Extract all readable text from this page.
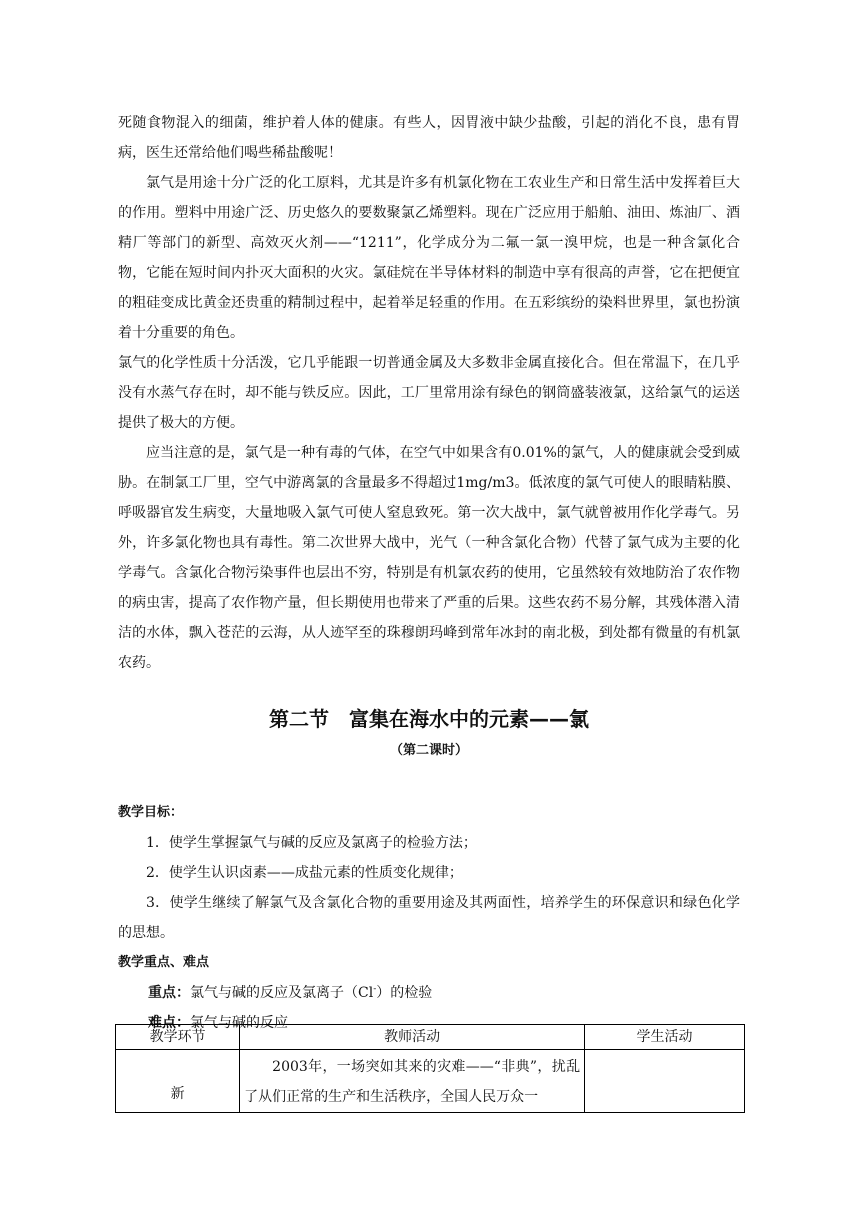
死随食物混入的细菌，维护着人体的健康。有些人，因胃液中缺少盐酸，引起的消化不良，患有胃病，医生还常给他们喝些稀盐酸呢！

氯气是用途十分广泛的化工原料，尤其是许多有机氯化物在工农业生产和日常生活中发挥着巨大的作用。塑料中用途广泛、历史悠久的要数聚氯乙烯塑料。现在广泛应用于船舶、油田、炼油厂、酒精厂等部门的新型、高效灭火剂——“1211”，化学成分为二氟一氯一溴甲烷，也是一种含氯化合物，它能在短时间内扑灭大面积的火灾。氯硅烷在半导体材料的制造中享有很高的声誉，它在把便宜的粗硅变成比黄金还贵重的精制过程中，起着举足轻重的作用。在五彩缤纷的染料世界里，氯也扮演着十分重要的角色。

氯气的化学性质十分活泼，它几乎能跟一切普通金属及大多数非金属直接化合。但在常温下，在几乎没有水蒸气存在时，却不能与铁反应。因此，工厂里常用涂有绿色的钢筒盛装液氯，这给氯气的运送提供了极大的方便。

应当注意的是，氯气是一种有毒的气体，在空气中如果含有0.01%的氯气，人的健康就会受到威胁。在制氯工厂里，空气中游离氯的含量最多不得超过1mg/m3。低浓度的氯气可使人的眼睛粘膜、呼吸器官发生病变，大量地吸入氯气可使人窒息致死。第一次大战中，氯气就曾被用作化学毒气。另外，许多氯化物也具有毒性。第二次世界大战中，光气（一种含氯化合物）代替了氯气成为主要的化学毒气。含氯化合物污染事件也层出不穷，特别是有机氯农药的使用，它虽然较有效地防治了农作物的病虫害，提高了农作物产量，但长期使用也带来了严重的后果。这些农药不易分解，其残体潜入清洁的水体，飘入苍茫的云海，从人迹罕至的珠穆朗玛峰到常年冰封的南北极，到处都有微量的有机氯农药。

第二节　富集在海水中的元素——氯

（第二课时）

教学目标：

1．使学生掌握氯气与碱的反应及氯离子的检验方法；

2．使学生认识卤素——成盐元素的性质变化规律；

3．使学生继续了解氯气及含氯化合物的重要用途及其两面性，培养学生的环保意识和绿色化学的思想。

教学重点、难点

重点：氯气与碱的反应及氯离子（Cl-）的检验

难点：氯气与碱的反应

教学环节	教师活动	学生活动

新	2003年，一场突如其来的灾难——“非典”，扰乱了从们正常的生产和生活秩序，全国人民万众一	
